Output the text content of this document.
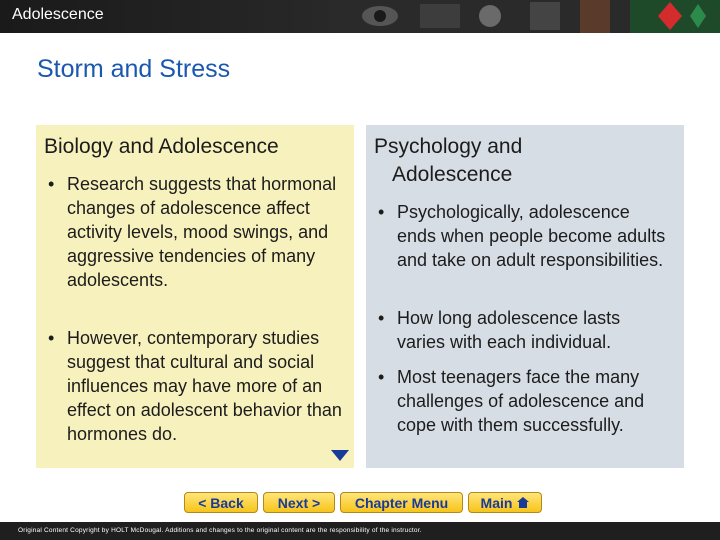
Adolescence
Storm and Stress
Biology and Adolescence
• Research suggests that hormonal changes of adolescence affect activity levels, mood swings, and aggressive tendencies of many adolescents.
• However, contemporary studies suggest that cultural and social influences may have more of an effect on adolescent behavior than hormones do.
Psychology and
Adolescence
• Psychologically, adolescence ends when people become adults and take on adult responsibilities.
• How long adolescence lasts varies with each individual.
• Most teenagers face the many challenges of adolescence and cope with them successfully.
< Back Next > Chapter Menu Main
Original Content Copyright by HOLT McDougal. Additions and changes to the original content are the responsibility of the instructor.
